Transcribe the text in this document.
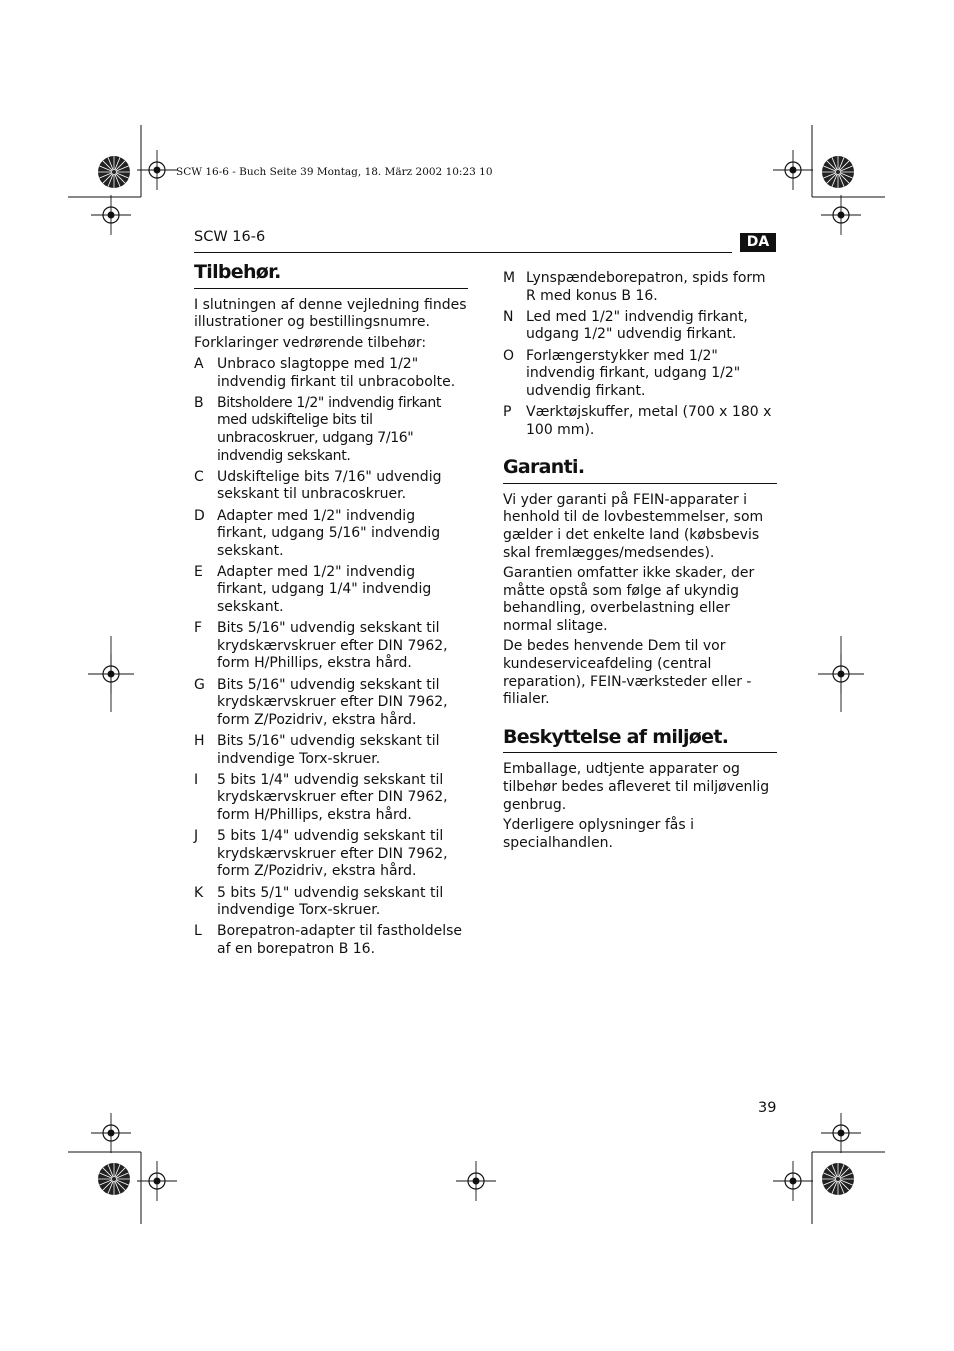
SCW 16-6 - Buch Seite 39 Montag, 18. März 2002 10:23 10
SCW 16-6	DA
Tilbehør.

I slutningen af denne vejledning findes illustrationer og bestillingsnumre.

Forklaringer vedrørende tilbehør:

A Unbraco slagtoppe med 1/2" indvendig firkant til unbracobolte.
B Bitsholdere 1/2" indvendig firkant med udskiftelige bits til unbracoskruer, udgang 7/16" indvendig sekskant.
C Udskiftelige bits 7/16" udvendig sekskant til unbracoskruer.
D Adapter med 1/2" indvendig firkant, udgang 5/16" indvendig sekskant.
E	Adapter med 1/2" indvendig firkant, udgang 1/4" indvendig sekskant.
F	Bits 5/16" udvendig sekskant til krydskærvskruer efter DIN 7962, form H/Phillips, ekstra hård.
G Bits 5/16" udvendig sekskant til krydskærvskruer efter DIN 7962, form Z/Pozidriv, ekstra hård.
H Bits 5/16" udvendig sekskant til indvendige Torx-skruer.
I	5 bits 1/4" udvendig sekskant til krydskærvskruer efter DIN 7962, form H/Phillips, ekstra hård.
J	5 bits 1/4" udvendig sekskant til krydskærvskruer efter DIN 7962, form Z/Pozidriv, ekstra hård.
K 5 bits 5/1" udvendig sekskant til indvendige Torx-skruer.
L	Borepatron-adapter til fastholdelse af en borepatron B 16.
M Lynspændeborepatron, spids form R med konus B 16.
N Led med 1/2" indvendig firkant, udgang 1/2" udvendig firkant.
O Forlængerstykker med 1/2" indvendig firkant, udgang 1/2" udvendig firkant.
P	Værktøjskuffer, metal (700 x 180 x 100 mm).
Garanti.

Vi yder garanti på FEIN-apparater i henhold til de lovbestemmelser, som gælder i det enkelte land (købsbevis skal fremlægges/medsendes).

Garantien omfatter ikke skader, der måtte opstå som følge af ukyndig behandling, overbelastning eller normal slitage.

De bedes henvende Dem til vor kundeserviceafdeling (central reparation), FEIN-værksteder eller -filialer.

Beskyttelse af miljøet.

Emballage, udtjente apparater og tilbehør bedes afleveret til miljøvenlig genbrug.

Yderligere oplysninger fås i specialhandlen.

39
